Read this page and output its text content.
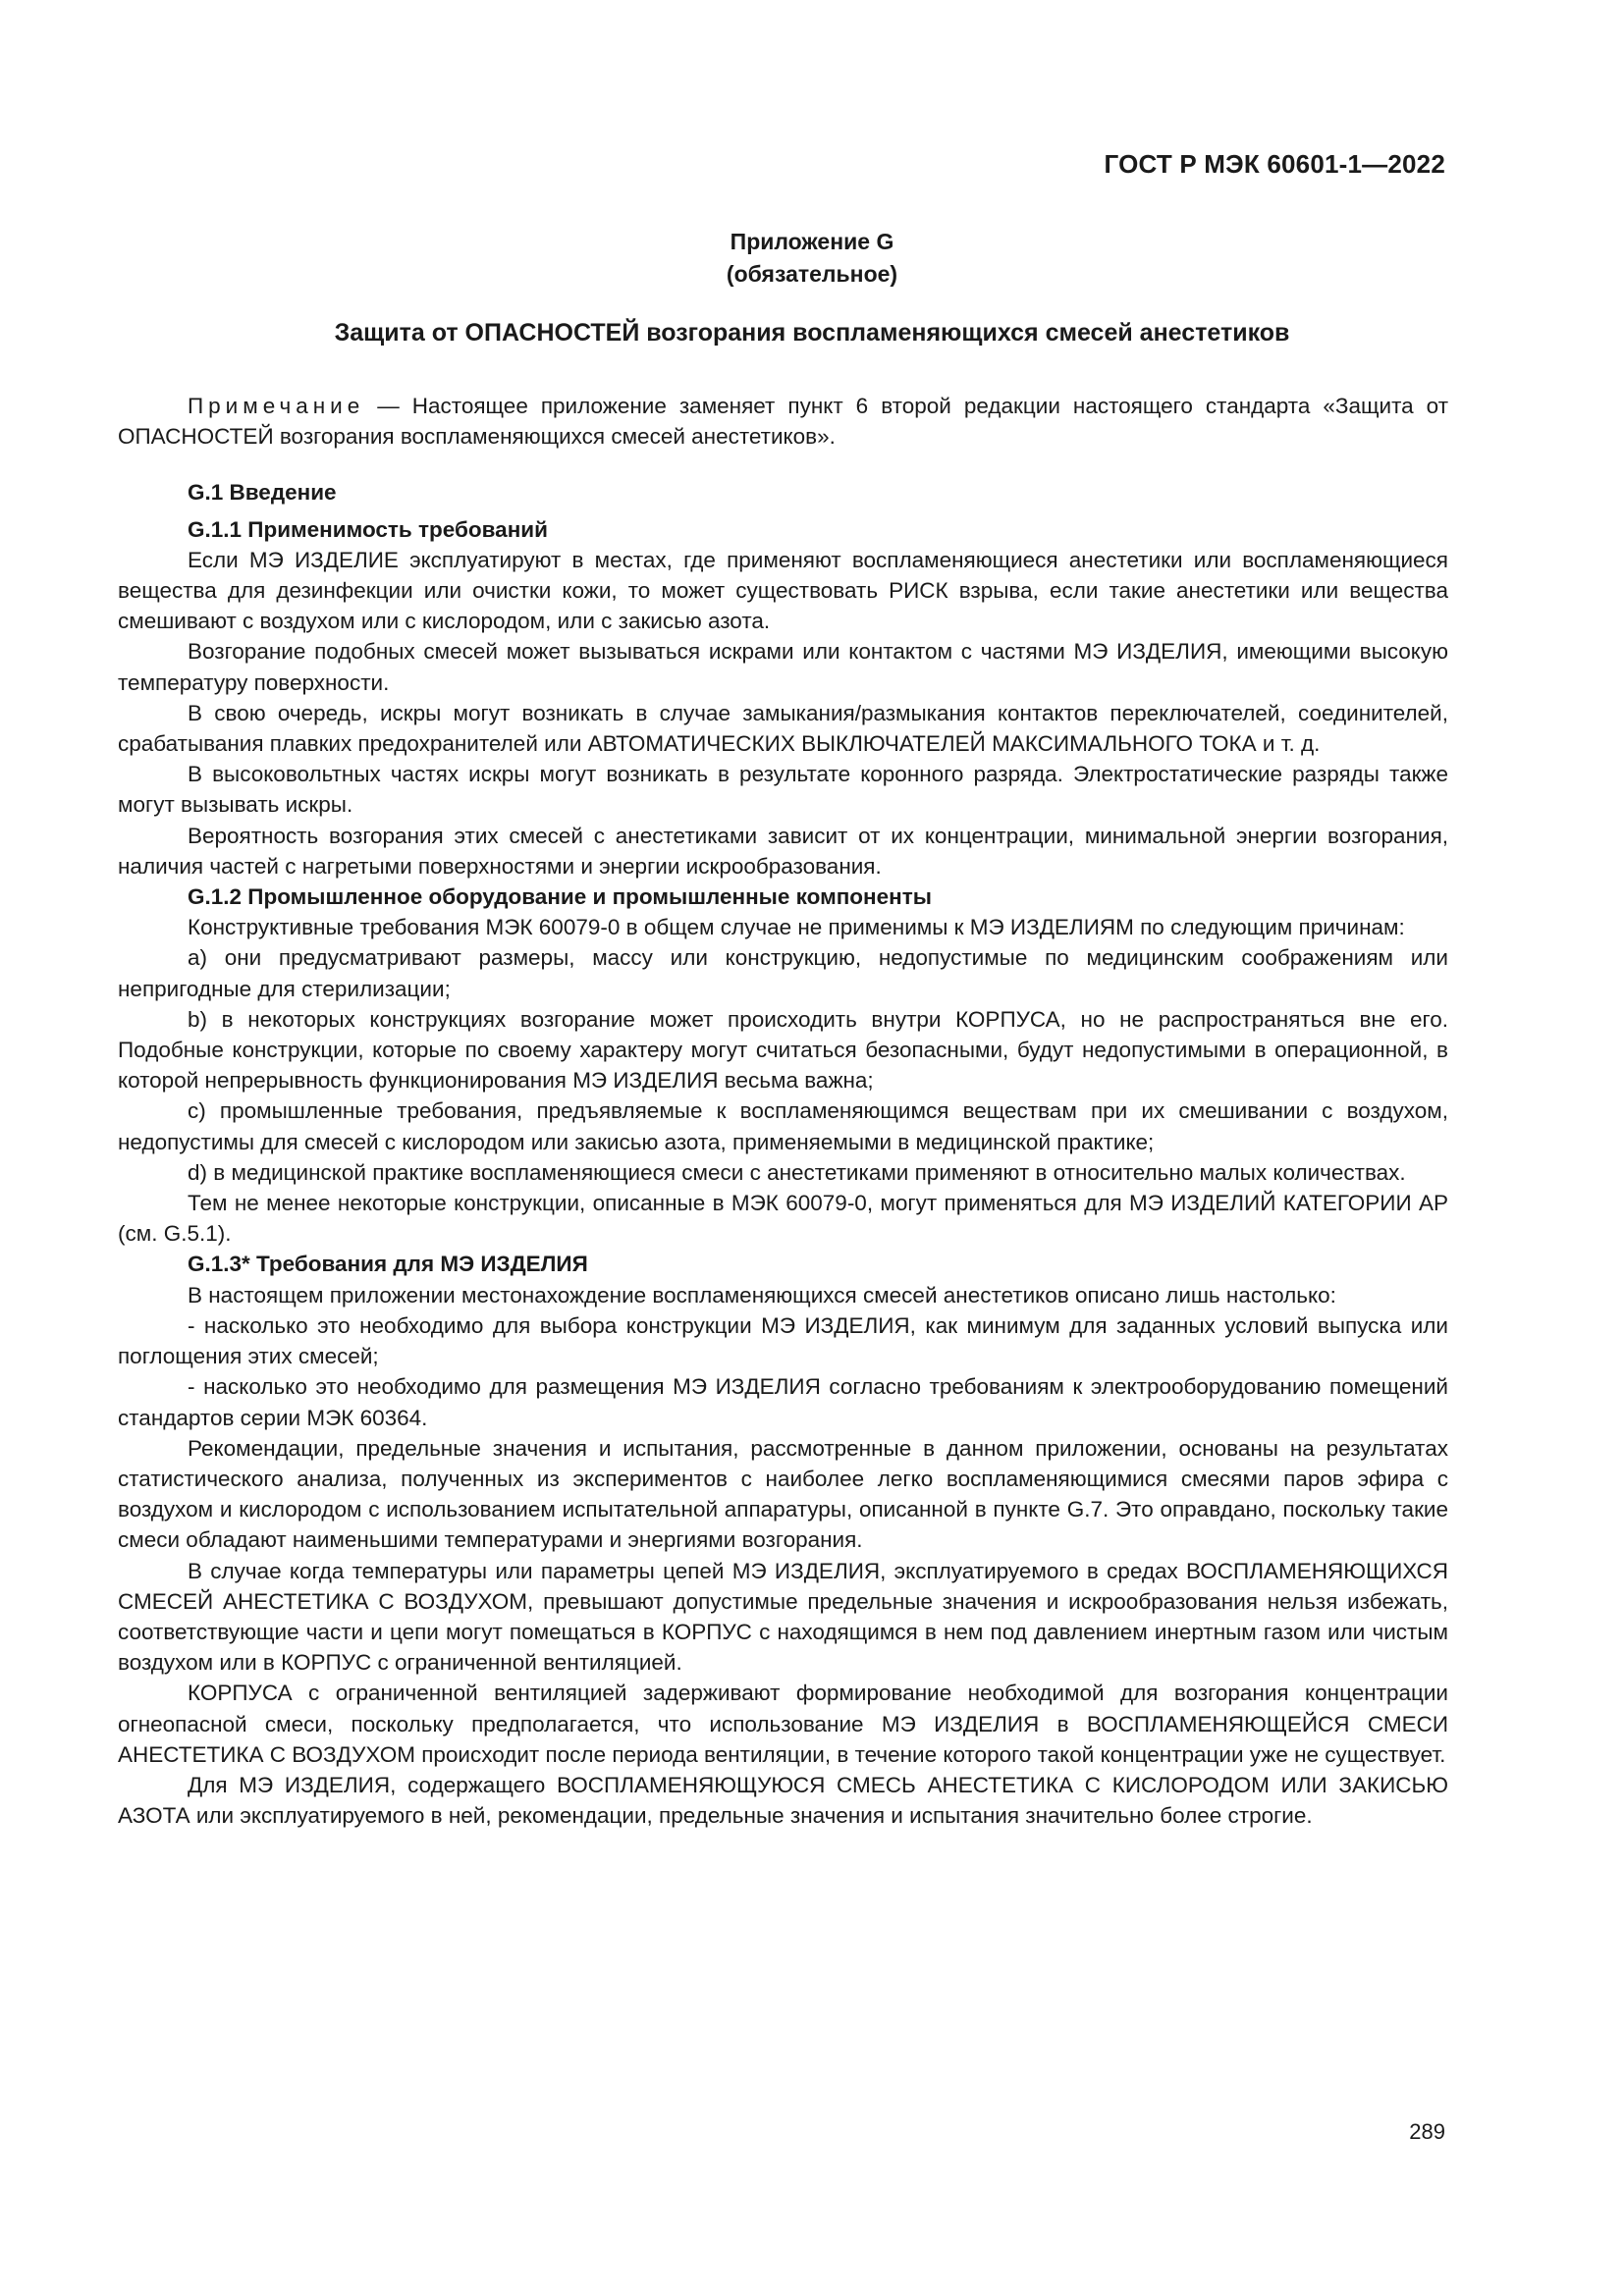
ГОСТ Р МЭК 60601-1—2022
Приложение G
(обязательное)
Защита от ОПАСНОСТЕЙ возгорания воспламеняющихся смесей анестетиков

Примечание — Настоящее приложение заменяет пункт 6 второй редакции настоящего стандарта «Защита от ОПАСНОСТЕЙ возгорания воспламеняющихся смесей анестетиков».

G.1 Введение
G.1.1 Применимость требований

Если МЭ ИЗДЕЛИЕ эксплуатируют в местах, где применяют воспламеняющиеся анестетики или воспламеняющиеся вещества для дезинфекции или очистки кожи, то может существовать РИСК взрыва, если такие анестетики или вещества смешивают с воздухом или с кислородом, или с закисью азота.

Возгорание подобных смесей может вызываться искрами или контактом с частями МЭ ИЗДЕЛИЯ, имеющими высокую температуру поверхности.

В свою очередь, искры могут возникать в случае замыкания/размыкания контактов переключателей, соединителей, срабатывания плавких предохранителей или АВТОМАТИЧЕСКИХ ВЫКЛЮЧАТЕЛЕЙ МАКСИМАЛЬНОГО ТОКА и т. д.

В высоковольтных частях искры могут возникать в результате коронного разряда. Электростатические разряды также могут вызывать искры.

Вероятность возгорания этих смесей с анестетиками зависит от их концентрации, минимальной энергии возгорания, наличия частей с нагретыми поверхностями и энергии искрообразования.

G.1.2 Промышленное оборудование и промышленные компоненты

Конструктивные требования МЭК 60079-0 в общем случае не применимы к МЭ ИЗДЕЛИЯМ по следующим причинам:

a) они предусматривают размеры, массу или конструкцию, недопустимые по медицинским соображениям или непригодные для стерилизации;

b) в некоторых конструкциях возгорание может происходить внутри КОРПУСА, но не распространяться вне его. Подобные конструкции, которые по своему характеру могут считаться безопасными, будут недопустимыми в операционной, в которой непрерывность функционирования МЭ ИЗДЕЛИЯ весьма важна;

c) промышленные требования, предъявляемые к воспламеняющимся веществам при их смешивании с воздухом, недопустимы для смесей с кислородом или закисью азота, применяемыми в медицинской практике;

d) в медицинской практике воспламеняющиеся смеси с анестетиками применяют в относительно малых количествах.

Тем не менее некоторые конструкции, описанные в МЭК 60079-0, могут применяться для МЭ ИЗДЕЛИЙ КАТЕГОРИИ АР (см. G.5.1).

G.1.3* Требования для МЭ ИЗДЕЛИЯ

В настоящем приложении местонахождение воспламеняющихся смесей анестетиков описано лишь настолько:

- насколько это необходимо для выбора конструкции МЭ ИЗДЕЛИЯ, как минимум для заданных условий выпуска или поглощения этих смесей;

- насколько это необходимо для размещения МЭ ИЗДЕЛИЯ согласно требованиям к электрооборудованию помещений стандартов серии МЭК 60364.

Рекомендации, предельные значения и испытания, рассмотренные в данном приложении, основаны на результатах статистического анализа, полученных из экспериментов с наиболее легко воспламеняющимися смесями паров эфира с воздухом и кислородом с использованием испытательной аппаратуры, описанной в пункте G.7. Это оправдано, поскольку такие смеси обладают наименьшими температурами и энергиями возгорания.

В случае когда температуры или параметры цепей МЭ ИЗДЕЛИЯ, эксплуатируемого в средах ВОСПЛАМЕНЯЮЩИХСЯ СМЕСЕЙ АНЕСТЕТИКА С ВОЗДУХОМ, превышают допустимые предельные значения и искрообразования нельзя избежать, соответствующие части и цепи могут помещаться в КОРПУС с находящимся в нем под давлением инертным газом или чистым воздухом или в КОРПУС с ограниченной вентиляцией.

КОРПУСА с ограниченной вентиляцией задерживают формирование необходимой для возгорания концентрации огнеопасной смеси, поскольку предполагается, что использование МЭ ИЗДЕЛИЯ в ВОСПЛАМЕНЯЮЩЕЙСЯ СМЕСИ АНЕСТЕТИКА С ВОЗДУХОМ происходит после периода вентиляции, в течение которого такой концентрации уже не существует.

Для МЭ ИЗДЕЛИЯ, содержащего ВОСПЛАМЕНЯЮЩУЮСЯ СМЕСЬ АНЕСТЕТИКА С КИСЛОРОДОМ ИЛИ ЗАКИСЬЮ АЗОТА или эксплуатируемого в ней, рекомендации, предельные значения и испытания значительно более строгие.

289
